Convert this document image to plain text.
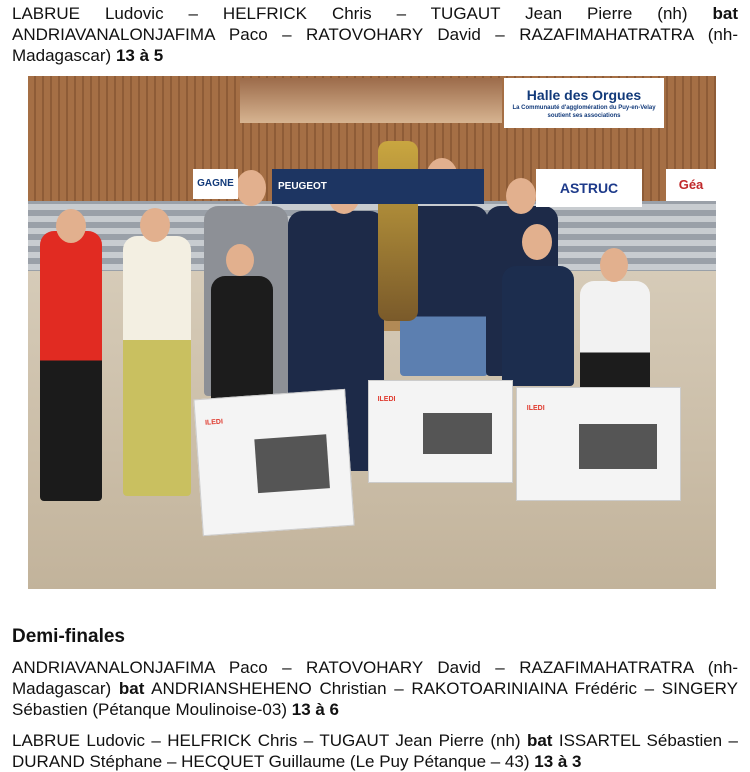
LABRUE Ludovic – HELFRICK Chris – TUGAUT Jean Pierre (nh) bat ANDRIAVANALONJAFIMA Paco – RATOVOHARY David – RAZAFIMAHATRATRA (nh-Madagascar) 13 à 5
Halle des Orgues
La Communauté d'agglomération du Puy-en-Velay soutient ses associations
GAGNE	PEUGEOT	ASTRUC	Géa
ILEDI
ILEDI
ILEDI
Demi-finales
ANDRIAVANALONJAFIMA Paco – RATOVOHARY David – RAZAFIMAHATRATRA (nh-Madagascar) bat ANDRIANSHEHENO Christian – RAKOTOARINIAINA Frédéric – SINGERY Sébastien (Pétanque Moulinoise-03) 13 à 6
LABRUE Ludovic – HELFRICK Chris – TUGAUT Jean Pierre (nh) bat ISSARTEL Sébastien – DURAND Stéphane – HECQUET Guillaume (Le Puy Pétanque – 43) 13 à 3
